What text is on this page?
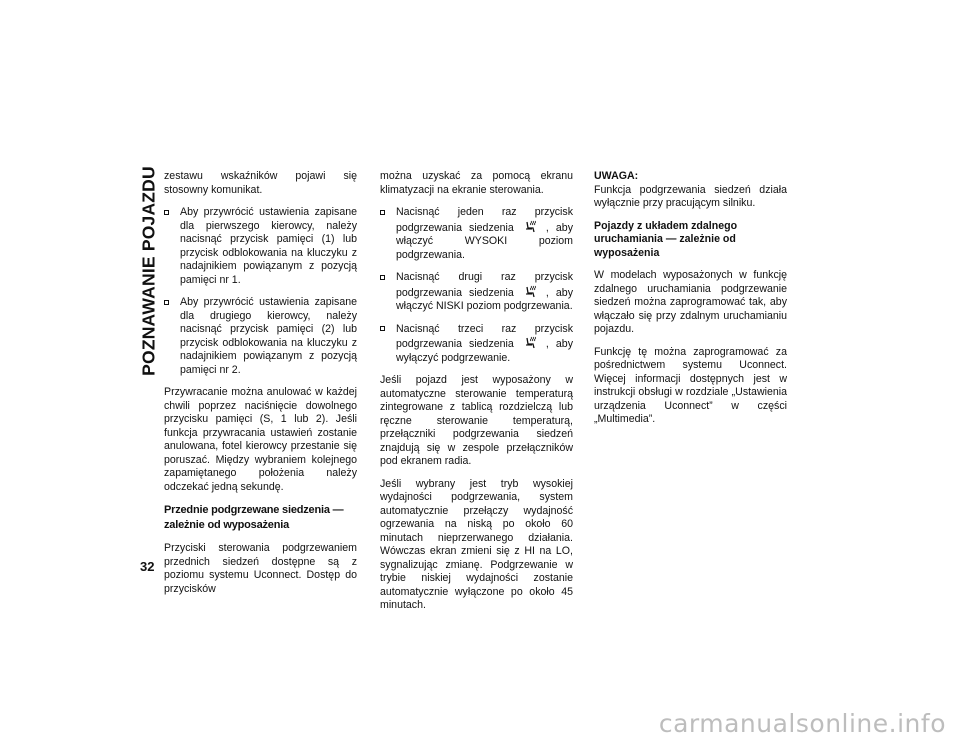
POZNAWANIE POJAZDU
32

zestawu wskaźników pojawi się stosowny komunikat.

Aby przywrócić ustawienia zapisane dla pierwszego kierowcy, należy nacisnąć przycisk pamięci (1) lub przycisk odblokowania na kluczyku z nadajnikiem powiązanym z pozycją pamięci nr 1.
Aby przywrócić ustawienia zapisane dla drugiego kierowcy, należy nacisnąć przycisk pamięci (2) lub przycisk odblokowania na kluczyku z nadajnikiem powiązanym z pozycją pamięci nr 2.

Przywracanie można anulować w każdej chwili poprzez naciśnięcie dowolnego przycisku pamięci (S, 1 lub 2). Jeśli funkcja przywracania ustawień zostanie anulowana, fotel kierowcy przestanie się poruszać. Między wybraniem kolejnego zapamiętanego położenia należy odczekać jedną sekundę.

Przednie podgrzewane siedzenia — zależnie od wyposażenia

Przyciski sterowania podgrzewaniem przednich siedzeń dostępne są z poziomu systemu Uconnect. Dostęp do przycisków

można uzyskać za pomocą ekranu klimatyzacji na ekranie sterowania.

Nacisnąć jeden raz przycisk podgrzewania siedzenia	, aby włączyć WYSOKI poziom podgrzewania.
Nacisnąć drugi raz przycisk podgrzewania siedzenia	, aby włączyć NISKI poziom podgrzewania.
Nacisnąć trzeci raz przycisk podgrzewania siedzenia	, aby wyłączyć podgrzewanie.

Jeśli pojazd jest wyposażony w automatyczne sterowanie temperaturą zintegrowane z tablicą rozdzielczą lub ręczne sterowanie temperaturą, przełączniki podgrzewania siedzeń znajdują się w zespole przełączników pod ekranem radia.

Jeśli wybrany jest tryb wysokiej wydajności podgrzewania, system automatycznie przełączy wydajność ogrzewania na niską po około 60 minutach nieprzerwanego działania. Wówczas ekran zmieni się z HI na LO, sygnalizując zmianę. Podgrzewanie w trybie niskiej wydajności zostanie automatycznie wyłączone po około 45 minutach.

UWAGA:

Funkcja podgrzewania siedzeń działa wyłącznie przy pracującym silniku.

Pojazdy z układem zdalnego uruchamiania — zależnie od wyposażenia

W modelach wyposażonych w funkcję zdalnego uruchamiania podgrzewanie siedzeń można zaprogramować tak, aby włączało się przy zdalnym uruchamianiu pojazdu.

Funkcję tę można zaprogramować za pośrednictwem systemu Uconnect. Więcej informacji dostępnych jest w instrukcji obsługi w rozdziale „Ustawienia urządzenia Uconnect” w części „Multimedia”.

carmanualsonline.info
